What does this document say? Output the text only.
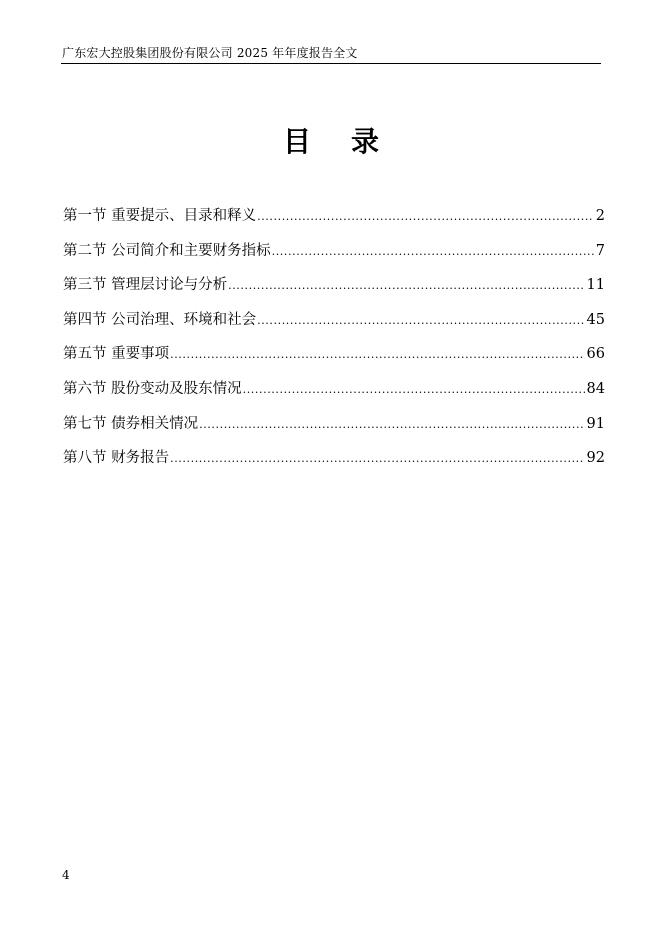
广东宏大控股集团股份有限公司 2025 年年度报告全文
目录
第一节 重要提示、目录和释义 .....	2
第二节 公司简介和主要财务指标 .....	7
第三节 管理层讨论与分析 .....	11
第四节 公司治理、环境和社会 .....	45
第五节 重要事项 .....	66
第六节 股份变动及股东情况 .....	84
第七节 债券相关情况 .....	91
第八节 财务报告 .....	92
4
